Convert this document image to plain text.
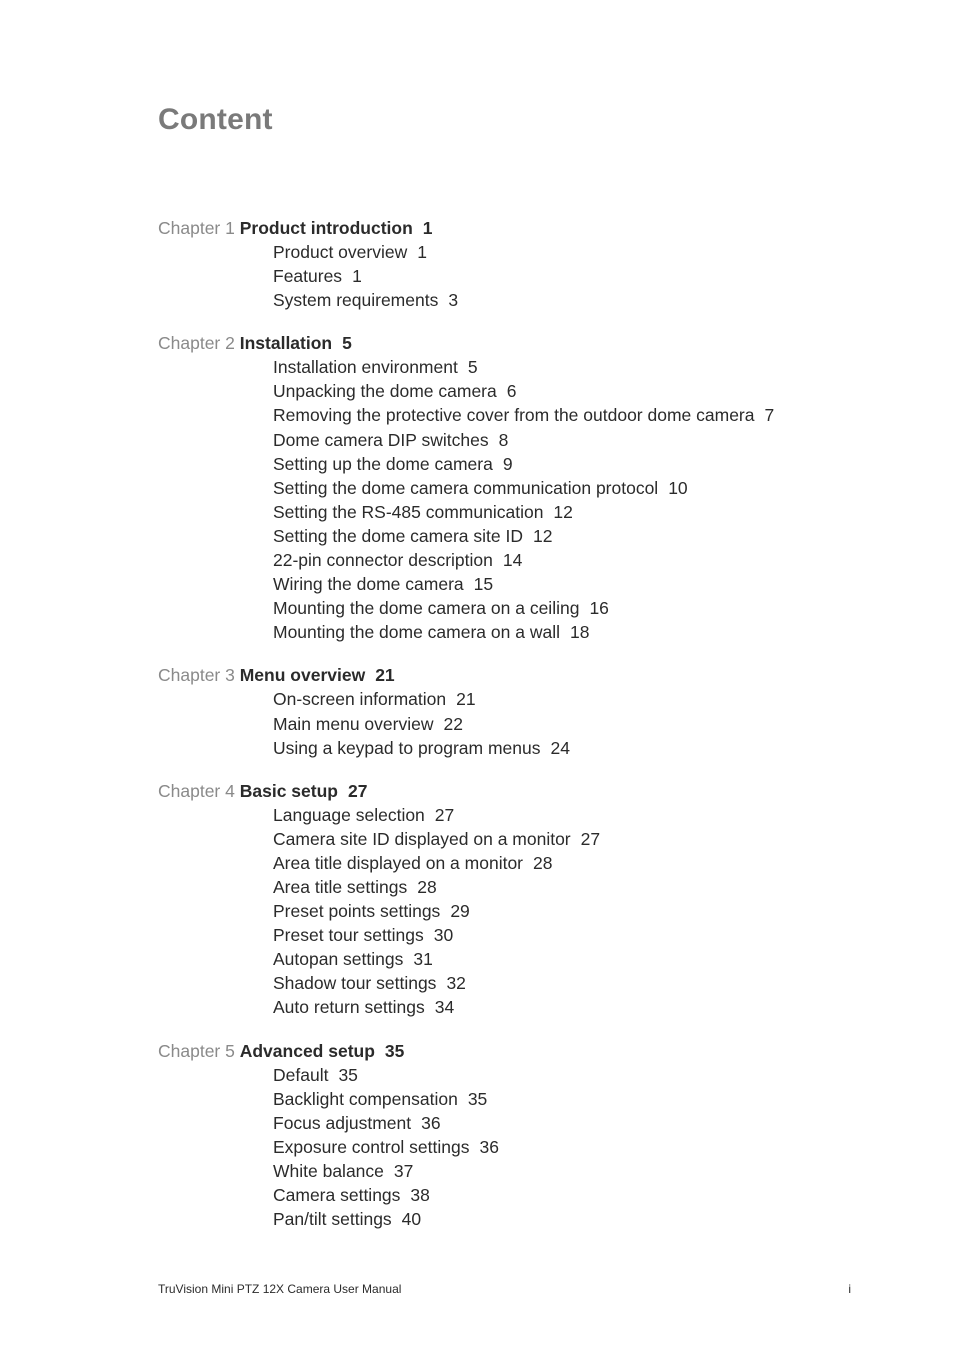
Content
Chapter 1 Product introduction 1
Product overview 1
Features 1
System requirements 3
Chapter 2 Installation 5
Installation environment 5
Unpacking the dome camera 6
Removing the protective cover from the outdoor dome camera 7
Dome camera DIP switches 8
Setting up the dome camera 9
Setting the dome camera communication protocol 10
Setting the RS-485 communication 12
Setting the dome camera site ID 12
22-pin connector description 14
Wiring the dome camera 15
Mounting the dome camera on a ceiling 16
Mounting the dome camera on a wall 18
Chapter 3 Menu overview 21
On-screen information 21
Main menu overview 22
Using a keypad to program menus 24
Chapter 4 Basic setup 27
Language selection 27
Camera site ID displayed on a monitor 27
Area title displayed on a monitor 28
Area title settings 28
Preset points settings 29
Preset tour settings 30
Autopan settings 31
Shadow tour settings 32
Auto return settings 34
Chapter 5 Advanced setup 35
Default 35
Backlight compensation 35
Focus adjustment 36
Exposure control settings 36
White balance 37
Camera settings 38
Pan/tilt settings 40
TruVision Mini PTZ 12X Camera User Manual	i
